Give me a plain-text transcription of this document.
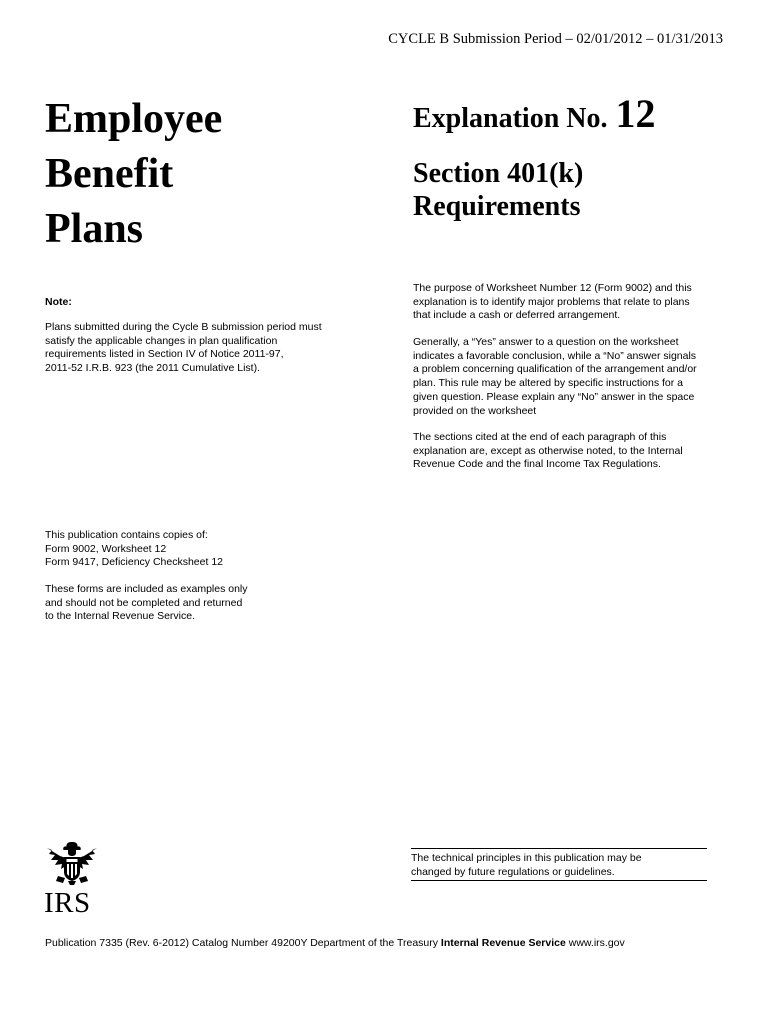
CYCLE B Submission Period – 02/01/2012 – 01/31/2013
Employee
Benefit
Plans
Explanation No. 12
Section 401(k)
Requirements
Note:
Plans submitted during the Cycle B submission period must
satisfy the applicable changes in plan qualification
requirements listed in Section IV of Notice 2011-97,
2011-52 I.R.B. 923 (the 2011 Cumulative List).
This publication contains copies of:
Form 9002, Worksheet 12
Form 9417, Deficiency Checksheet 12
These forms are included as examples only
and should not be completed and returned
to the Internal Revenue Service.
The purpose of Worksheet Number 12 (Form 9002) and this
explanation is to identify major problems that relate to plans
that include a cash or deferred arrangement.
Generally, a “Yes” answer to a question on the worksheet
indicates a favorable conclusion, while a “No” answer signals
a problem concerning qualification of the arrangement and/or
plan. This rule may be altered by specific instructions for a
given question. Please explain any “No” answer in the space
provided on the worksheet
The sections cited at the end of each paragraph of this
explanation are, except as otherwise noted, to the Internal
Revenue Code and the final Income Tax Regulations.
The technical principles in this publication may be
changed by future regulations or guidelines.
IRS
Publication 7335 (Rev. 6-2012) Catalog Number 49200Y Department of the Treasury Internal Revenue Service www.irs.gov
